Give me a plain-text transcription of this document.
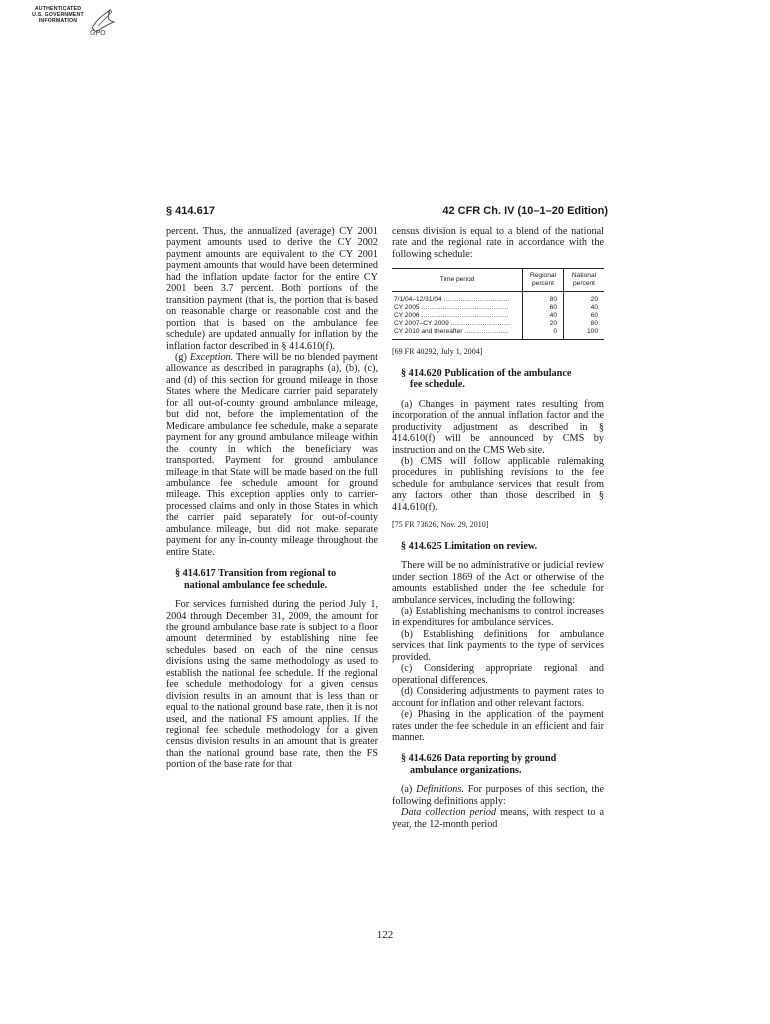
AUTHENTICATED
U.S. GOVERNMENT
INFORMATION
GPO
§ 414.617	42 CFR Ch. IV (10–1–20 Edition)

percent. Thus, the annualized (average) CY 2001 payment amounts used to derive the CY 2002 payment amounts are equivalent to the CY 2001 payment amounts that would have been determined had the inflation update factor for the entire CY 2001 been 3.7 percent. Both portions of the transition payment (that is, the portion that is based on reasonable charge or reasonable cost and the portion that is based on the ambulance fee schedule) are updated annually for inflation by the inflation factor described in § 414.610(f).

(g) Exception. There will be no blended payment allowance as described in paragraphs (a), (b), (c), and (d) of this section for ground mileage in those States where the Medicare carrier paid separately for all out-of-county ground ambulance mileage, but did not, before the implementation of the Medicare ambulance fee schedule, make a separate payment for any ground ambulance mileage within the county in which the beneficiary was transported. Payment for ground ambulance mileage in that State will be made based on the full ambulance fee schedule amount for ground mileage. This exception applies only to carrier-processed claims and only in those States in which the carrier paid separately for out-of-county ambulance mileage, but did not make separate payment for any in-county mileage throughout the entire State.

§ 414.617 Transition from regional to
national ambulance fee schedule.

For services furnished during the period July 1, 2004 through December 31, 2009, the amount for the ground ambulance base rate is subject to a floor amount determined by establishing nine fee schedules based on each of the nine census divisions using the same methodology as used to establish the national fee schedule. If the regional fee schedule methodology for a given census division results in an amount that is less than or equal to the national ground base rate, then it is not used, and the national FS amount applies. If the regional fee schedule methodology for a given census division results in an amount that is greater than the national ground base rate, then the FS portion of the base rate for that

census division is equal to a blend of the national rate and the regional rate in accordance with the following schedule:

Time period	Regional percent	National percent
7/1/04–12/31/04 ...............................	80	20
CY 2005 .........................................	60	40
CY 2006 .........................................	40	60
CY 2007–CY 2009 ............................	20	80
CY 2010 and thereafter .....................	0	100

[69 FR 40292, July 1, 2004]

§ 414.620 Publication of the ambulance
fee schedule.

(a) Changes in payment rates resulting from incorporation of the annual inflation factor and the productivity adjustment as described in § 414.610(f) will be announced by CMS by instruction and on the CMS Web site.

(b) CMS will follow applicable rulemaking procedures in publishing revisions to the fee schedule for ambulance services that result from any factors other than those described in § 414.610(f).

[75 FR 73626, Nov. 29, 2010]

§ 414.625 Limitation on review.

There will be no administrative or judicial review under section 1869 of the Act or otherwise of the amounts established under the fee schedule for ambulance services, including the following:

(a) Establishing mechanisms to control increases in expenditures for ambulance services.

(b) Establishing definitions for ambulance services that link payments to the type of services provided.

(c) Considering appropriate regional and operational differences.

(d) Considering adjustments to payment rates to account for inflation and other relevant factors.

(e) Phasing in the application of the payment rates under the fee schedule in an efficient and fair manner.

§ 414.626 Data reporting by ground
ambulance organizations.

(a) Definitions. For purposes of this section, the following definitions apply:

Data collection period means, with respect to a year, the 12-month period

122
